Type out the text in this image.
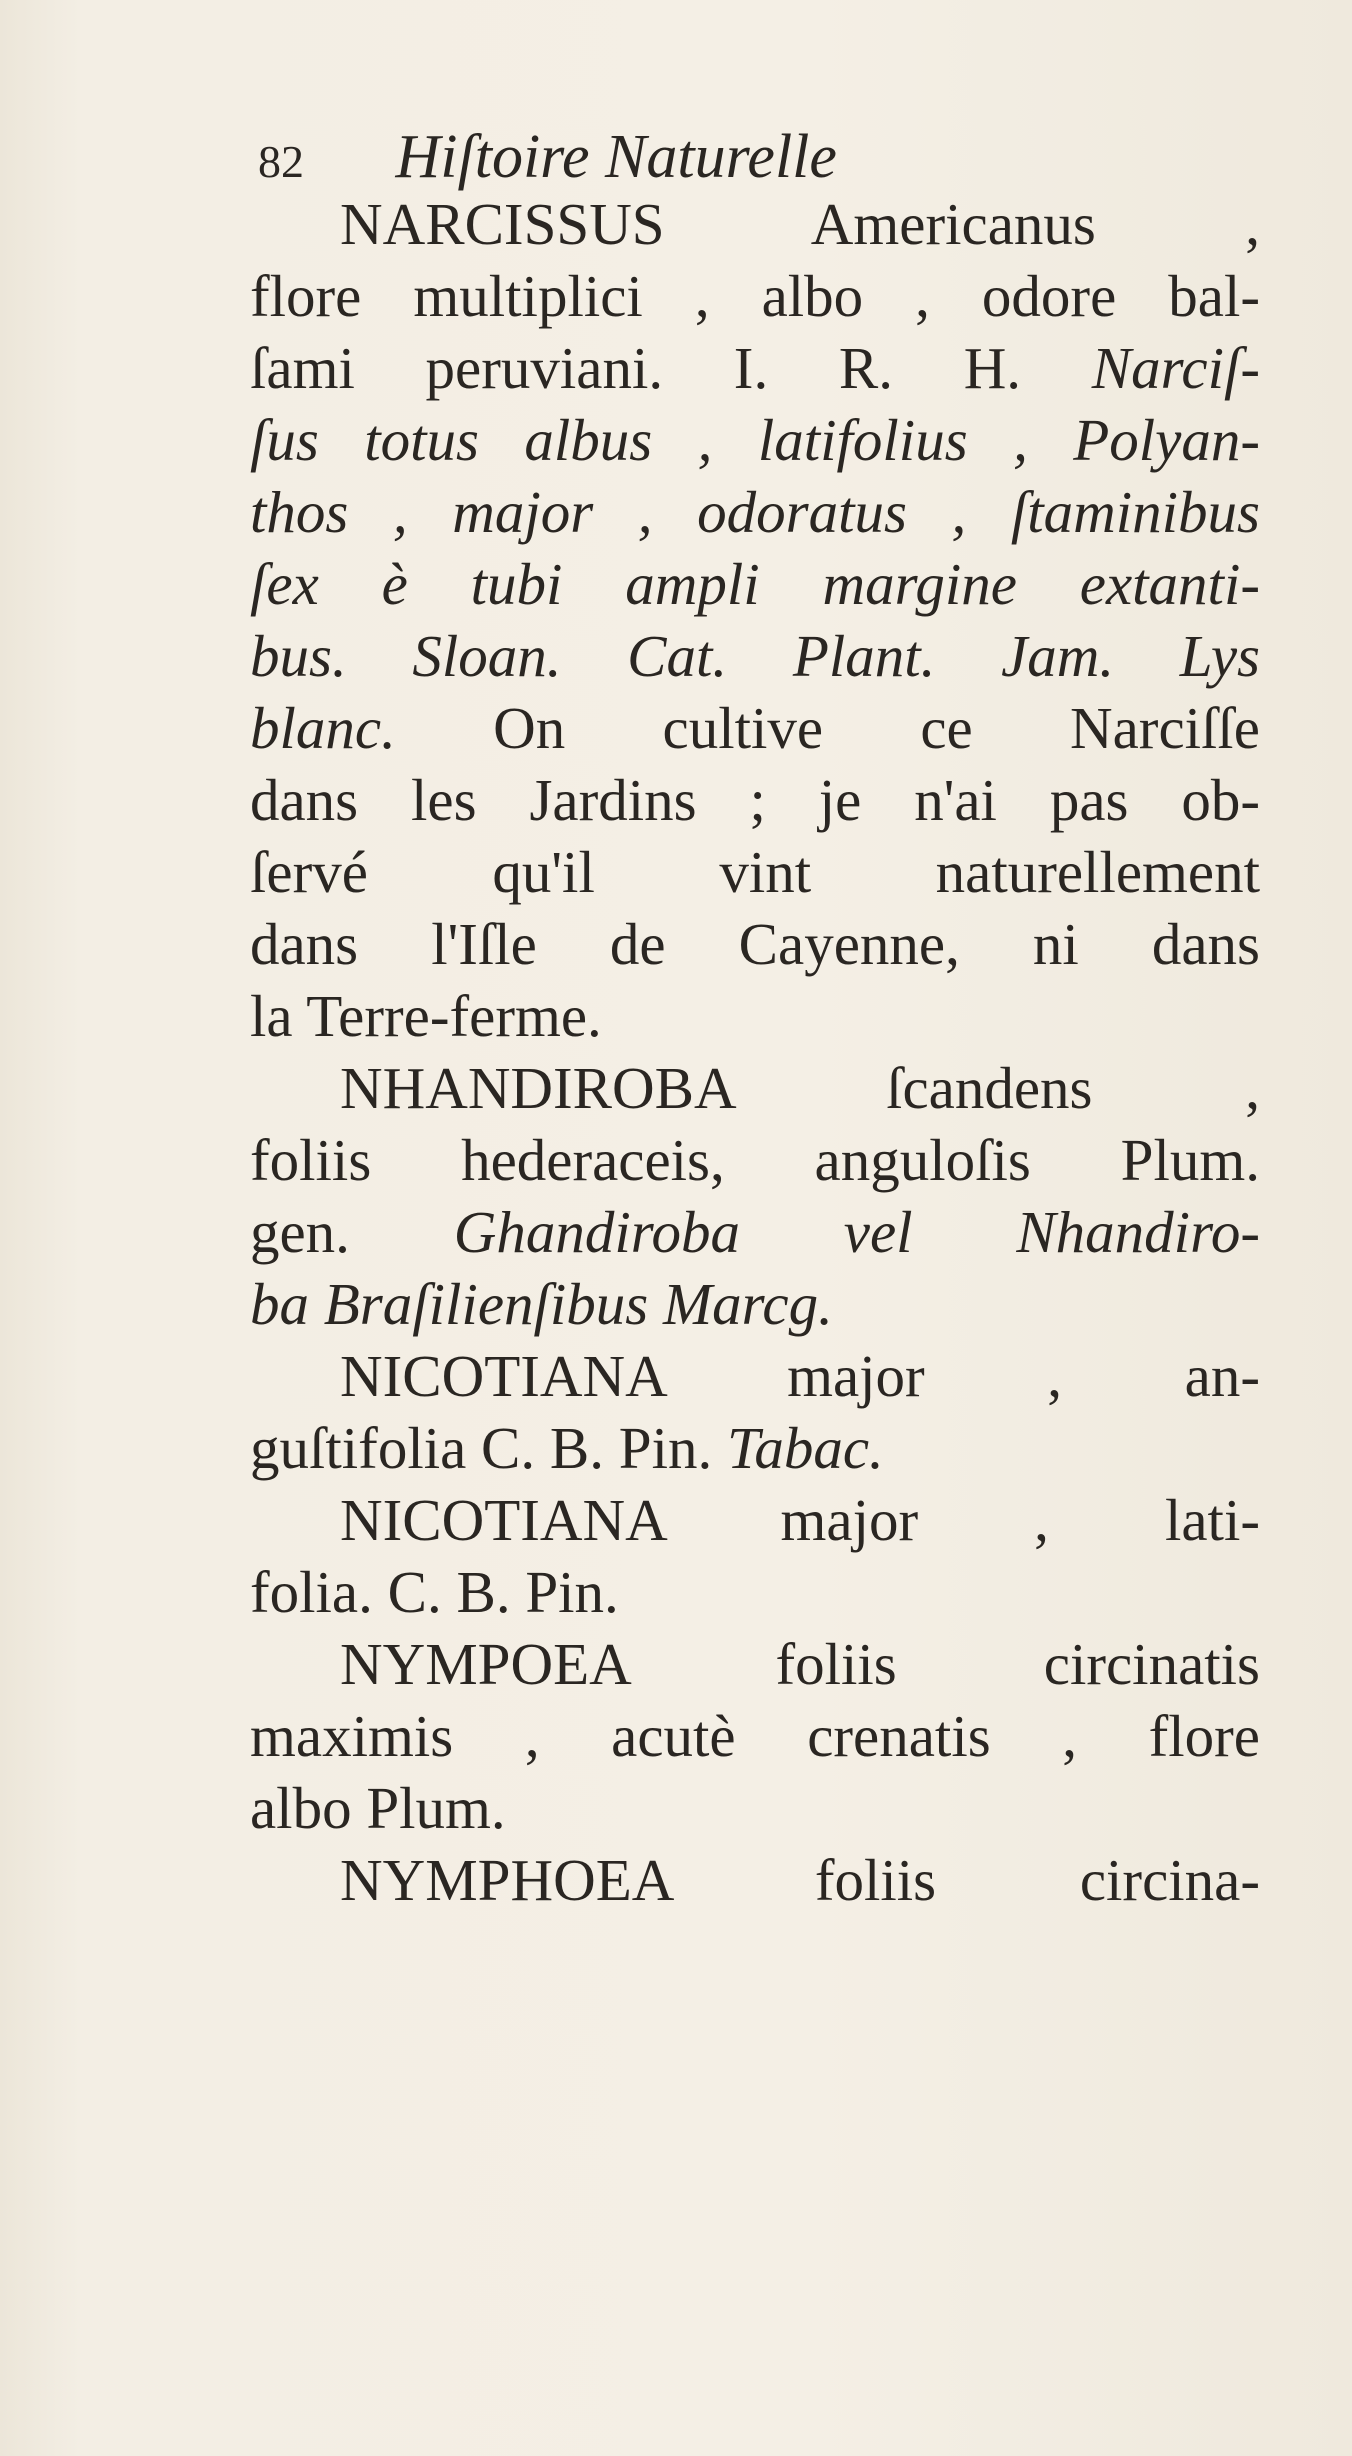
82 Hiſtoire Naturelle
NARCISSUS Americanus ,
flore multiplici , albo , odore bal-
ſami peruviani. I. R. H. Narciſ-
ſus totus albus , latifolius , Polyan-
thos , major , odoratus , ſtaminibus
ſex è tubi ampli margine extanti-
bus. Sloan. Cat. Plant. Jam. Lys
blanc. On cultive ce Narciſſe
dans les Jardins ; je n'ai pas ob-
ſervé qu'il vint naturellement
dans l'Iſle de Cayenne, ni dans
la Terre-ferme.
NHANDIROBA ſcandens ,
foliis hederaceis, anguloſis Plum.
gen. Ghandiroba vel Nhandiro-
ba Braſilienſibus Marcg.
NICOTIANA major , an-
guſtifolia C. B. Pin. Tabac.
NICOTIANA major , lati-
folia. C. B. Pin.
NYMPOEA foliis circinatis
maximis , acutè crenatis , flore
albo Plum.
NYMPHOEA foliis circina-
